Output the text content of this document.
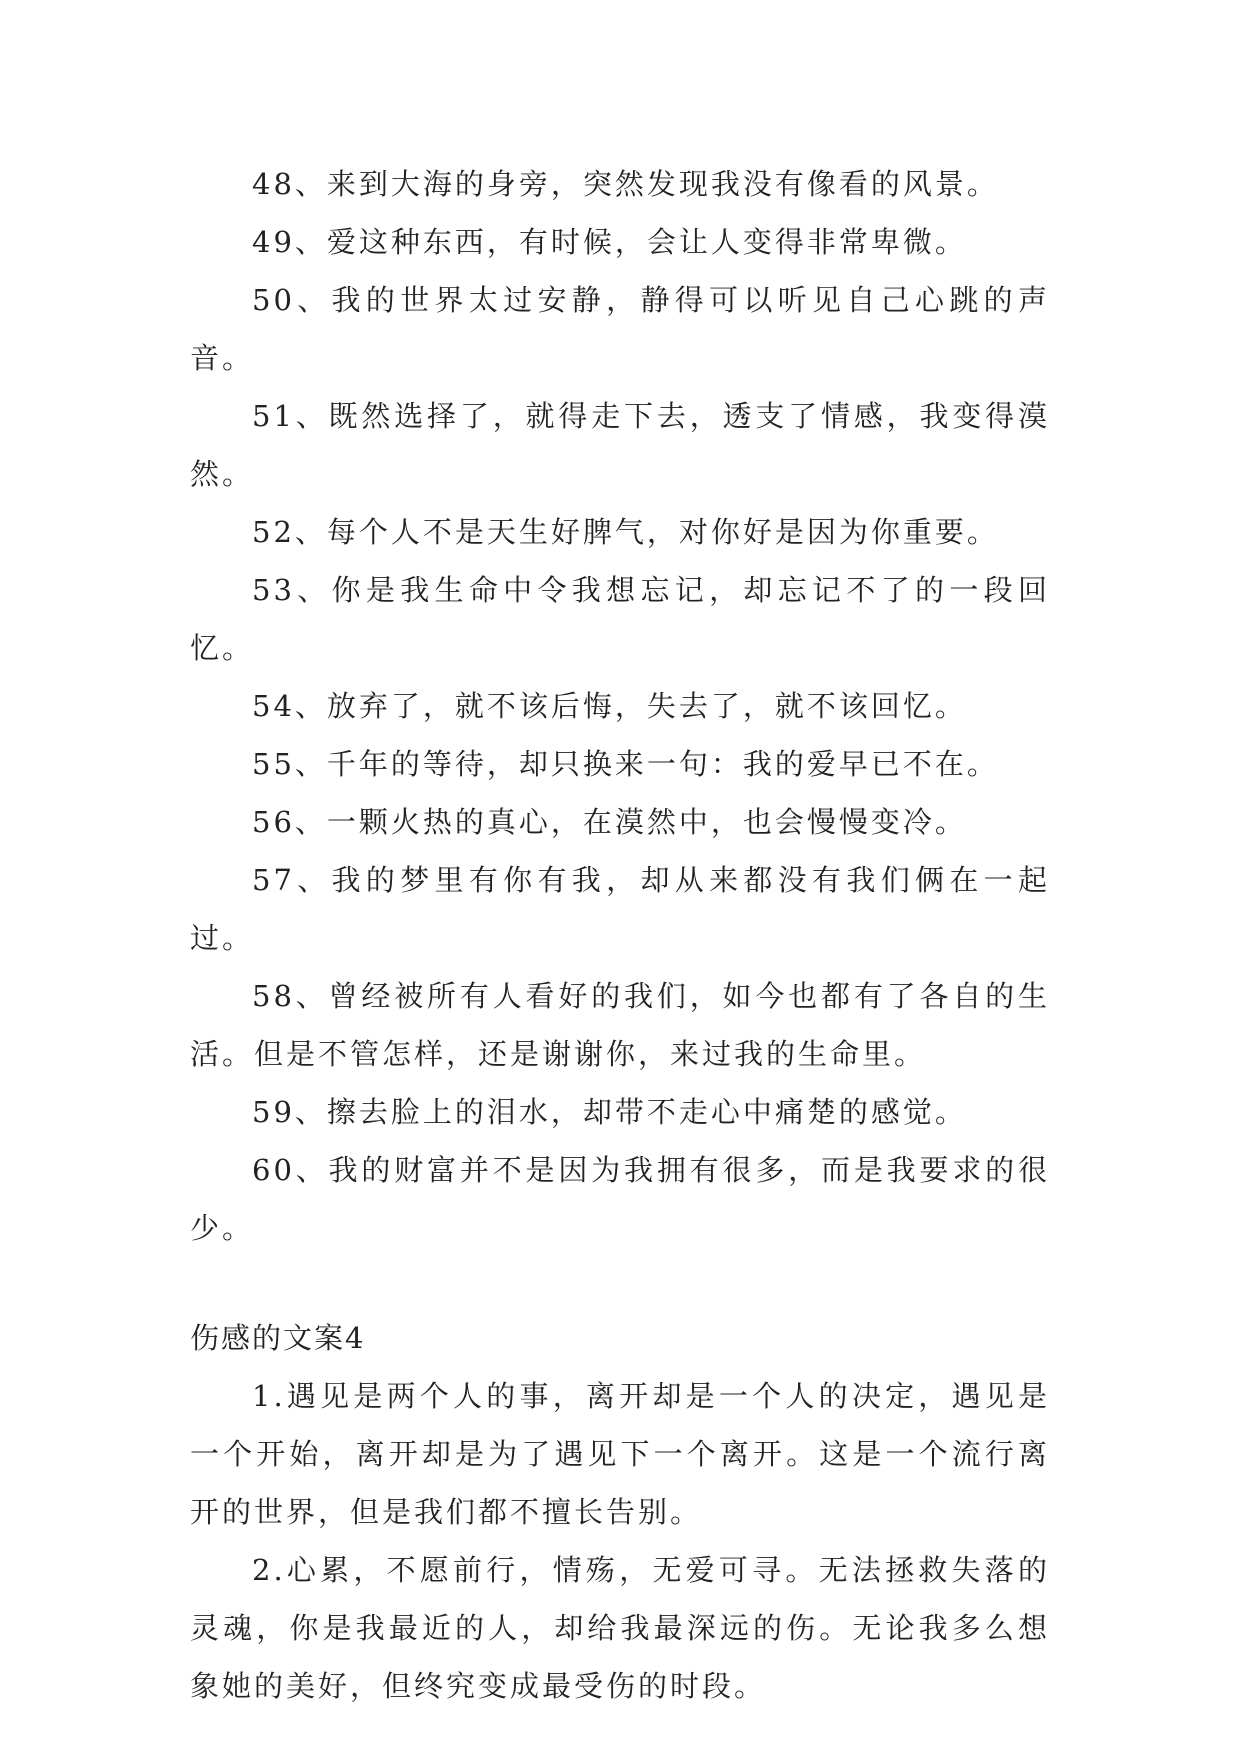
48、来到大海的身旁，突然发现我没有像看的风景。

49、爱这种东西，有时候，会让人变得非常卑微。

50、我的世界太过安静，静得可以听见自己心跳的声音。

51、既然选择了，就得走下去，透支了情感，我变得漠然。

52、每个人不是天生好脾气，对你好是因为你重要。

53、你是我生命中令我想忘记，却忘记不了的一段回忆。

54、放弃了，就不该后悔，失去了，就不该回忆。

55、千年的等待，却只换来一句：我的爱早已不在。

56、一颗火热的真心，在漠然中，也会慢慢变冷。

57、我的梦里有你有我，却从来都没有我们俩在一起过。

58、曾经被所有人看好的我们，如今也都有了各自的生活。但是不管怎样，还是谢谢你，来过我的生命里。

59、擦去脸上的泪水，却带不走心中痛楚的感觉。

60、我的财富并不是因为我拥有很多，而是我要求的很少。

伤感的文案4

1.遇见是两个人的事，离开却是一个人的决定，遇见是一个开始，离开却是为了遇见下一个离开。这是一个流行离开的世界，但是我们都不擅长告别。

2.心累，不愿前行，情殇，无爱可寻。无法拯救失落的灵魂，你是我最近的人，却给我最深远的伤。无论我多么想象她的美好，但终究变成最受伤的时段。
